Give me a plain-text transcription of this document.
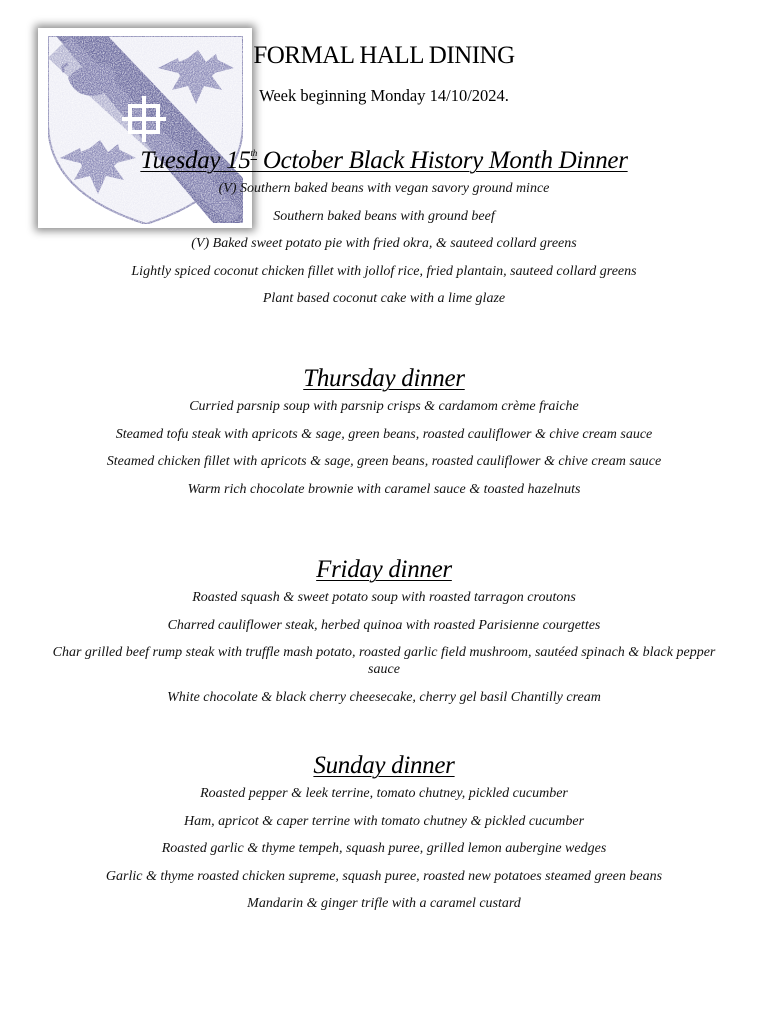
FORMAL HALL DINING
Week beginning Monday 14/10/2024.
Tuesday 15th October Black History Month Dinner
(V) Southern baked beans with vegan savory ground mince
Southern baked beans with ground beef
(V) Baked sweet potato pie with fried okra, & sauteed collard greens
Lightly spiced coconut chicken fillet with jollof rice, fried plantain, sauteed collard greens
Plant based coconut cake with a lime glaze
Thursday dinner
Curried parsnip soup with parsnip crisps & cardamom crème fraiche
Steamed tofu steak with apricots & sage, green beans, roasted cauliflower & chive cream sauce
Steamed chicken fillet with apricots & sage, green beans, roasted cauliflower & chive cream sauce
Warm rich chocolate brownie with caramel sauce & toasted hazelnuts
Friday dinner
Roasted squash & sweet potato soup with roasted tarragon croutons
Charred cauliflower steak, herbed quinoa with roasted Parisienne courgettes
Char grilled beef rump steak with truffle mash potato, roasted garlic field mushroom, sautéed spinach & black pepper sauce
White chocolate & black cherry cheesecake, cherry gel basil Chantilly cream
Sunday dinner
Roasted pepper & leek terrine, tomato chutney, pickled cucumber
Ham, apricot & caper terrine with tomato chutney & pickled cucumber
Roasted garlic & thyme tempeh, squash puree, grilled lemon aubergine wedges
Garlic & thyme roasted chicken supreme, squash puree, roasted new potatoes steamed green beans
Mandarin & ginger trifle with a caramel custard
